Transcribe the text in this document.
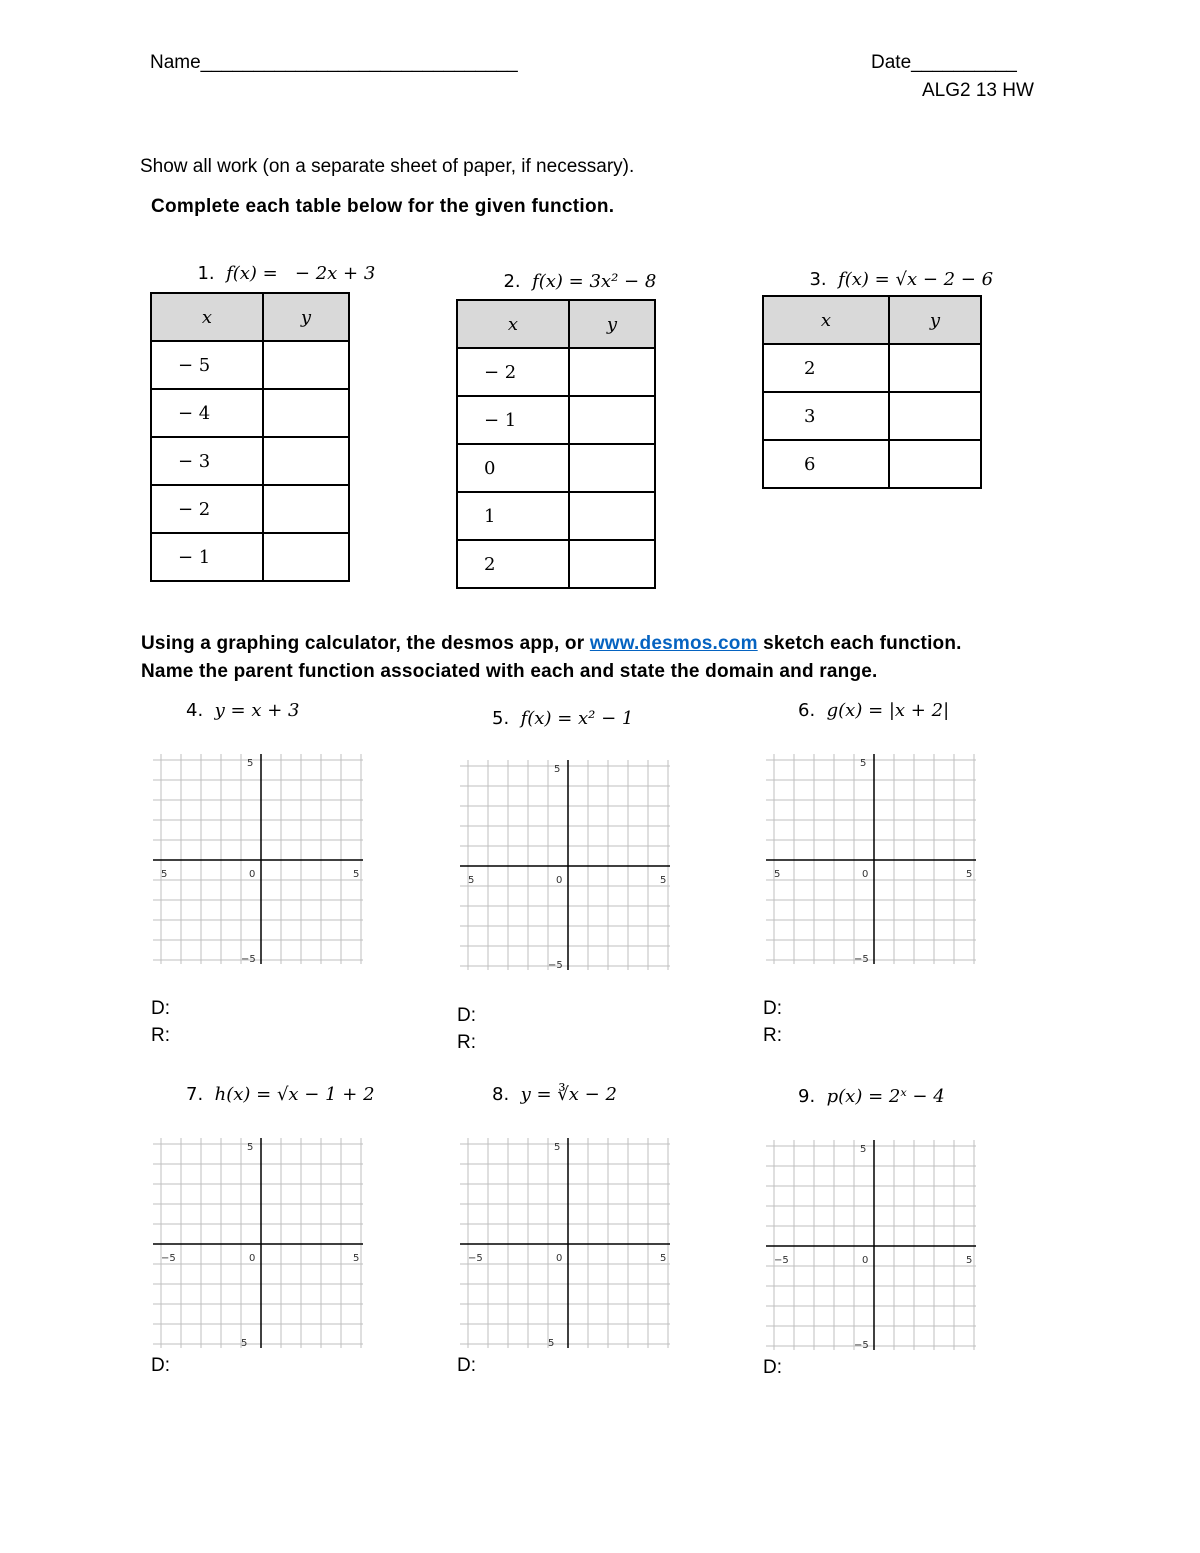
Name______________________________	Date__________
ALG2 13 HW
Show all work (on a separate sheet of paper, if necessary).
Complete each table below for the given function.

1. f(x) =   − 2x + 3

x	y
− 5	
− 4	
− 3	
− 2	
− 1	

2. f(x) = 3x² − 8

x	y
− 2	
− 1	
0	
1	
2	

3. f(x) = √x − 2 − 6

x	y
2	
3	
6	
Using a graphing calculator, the desmos app, or www.desmos.com sketch each function.
Name the parent function associated with each and state the domain and range.
4.  y = x + 3
5
−5
5	5
0
D:
R:
5.  f(x) = x² − 1
5
−5
5	5
0
D:
R:
6.  g(x) = |x + 2|
5
−5
5	5
0
D:
R:
7.  h(x) = √x − 1 + 2
5
5
−5	5
0
D:
8.  y = ∛x − 2
5
5
−5	5
0
D:
9.  p(x) = 2ˣ − 4
5
−5
−5	5
0
D:
